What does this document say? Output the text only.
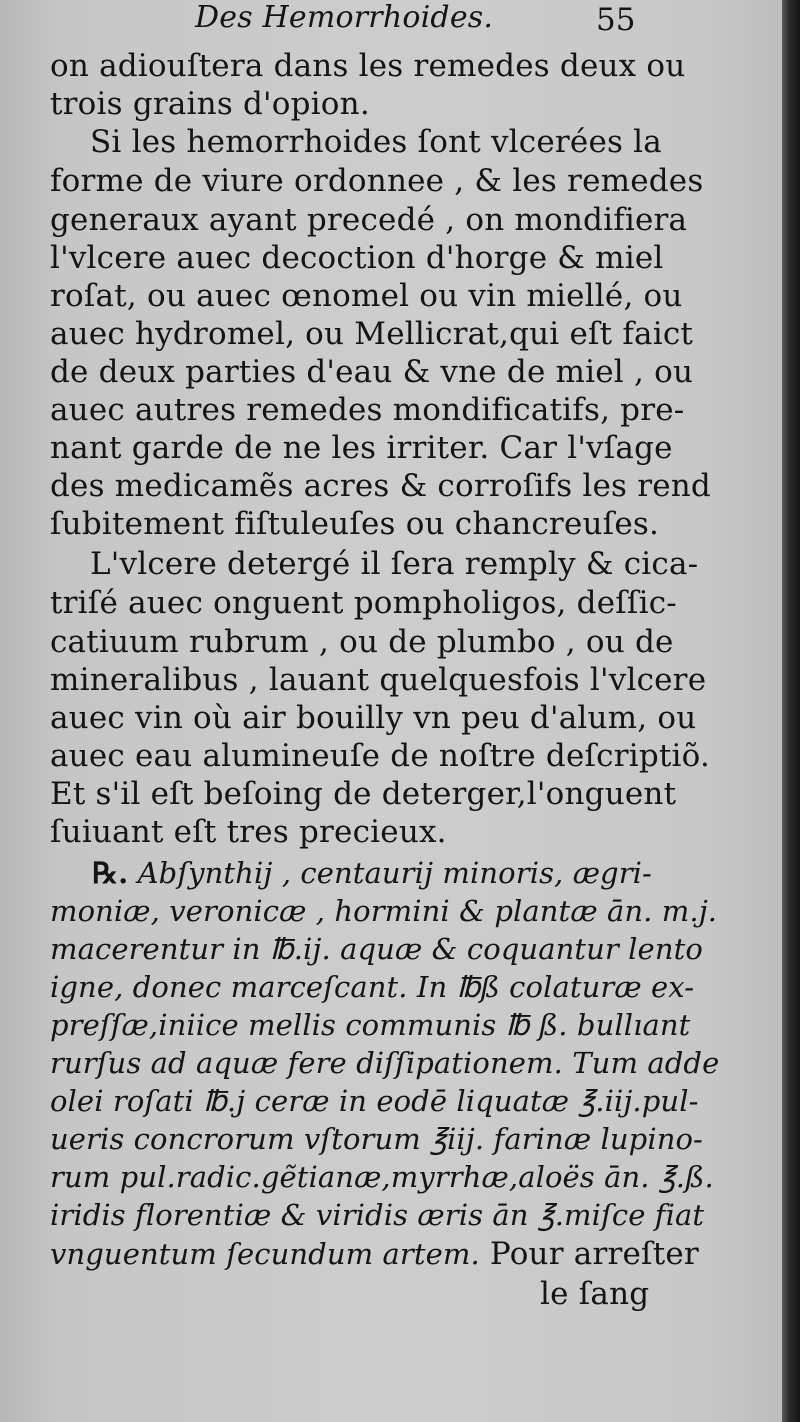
Des Hemorrhoides.	55
on adiouſtera dans les remedes deux ou
trois grains d'opion.
Si les hemorrhoides ſont vlcerées la
forme de viure ordonnee , & les remedes
generaux ayant precedé , on mondifiera
l'vlcere auec decoction d'horge & miel
roſat, ou auec œnomel ou vin miellé, ou
auec hydromel, ou Mellicrat,qui eſt faict
de deux parties d'eau & vne de miel , ou
auec autres remedes mondificatifs, pre-
nant garde de ne les irriter. Car l'vſage
des medicamẽs acres & corroſifs les rend
ſubitement fiſtuleuſes ou chancreuſes.
L'vlcere detergé il ſera remply & cica-
triſé auec onguent pompholigos, deſſic-
catiuum rubrum , ou de plumbo , ou de
mineralibus , lauant quelquesfois l'vlcere
auec vin où air bouilly vn peu d'alum, ou
auec eau alumineuſe de noſtre deſcriptiõ.
Et s'il eſt beſoing de deterger,l'onguent
ſuiuant eſt tres precieux.
℞. Abſynthij , centaurij minoris, ægri-
moniæ, veronicæ , hormini & plantæ ān. m.j.
macerentur in ℔.ij. aquæ & coquantur lento
igne, donec marceſcant. In ℔ß colaturæ ex-
preſſæ,iniice mellis communis ℔ ß. bullıant
rurſus ad aquæ fere diſſipationem. Tum adde
olei roſati ℔.j ceræ in eodē liquatæ ℥.iij.pul-
ueris concrorum vſtorum ℥iij. farinæ lupino-
rum pul.radic.gẽtianæ,myrrhæ,aloës ān. ℥.ß.
iridis florentiæ & viridis æris ān ℥.miſce fiat
vnguentum ſecundum artem. Pour arreſter
le ſang
